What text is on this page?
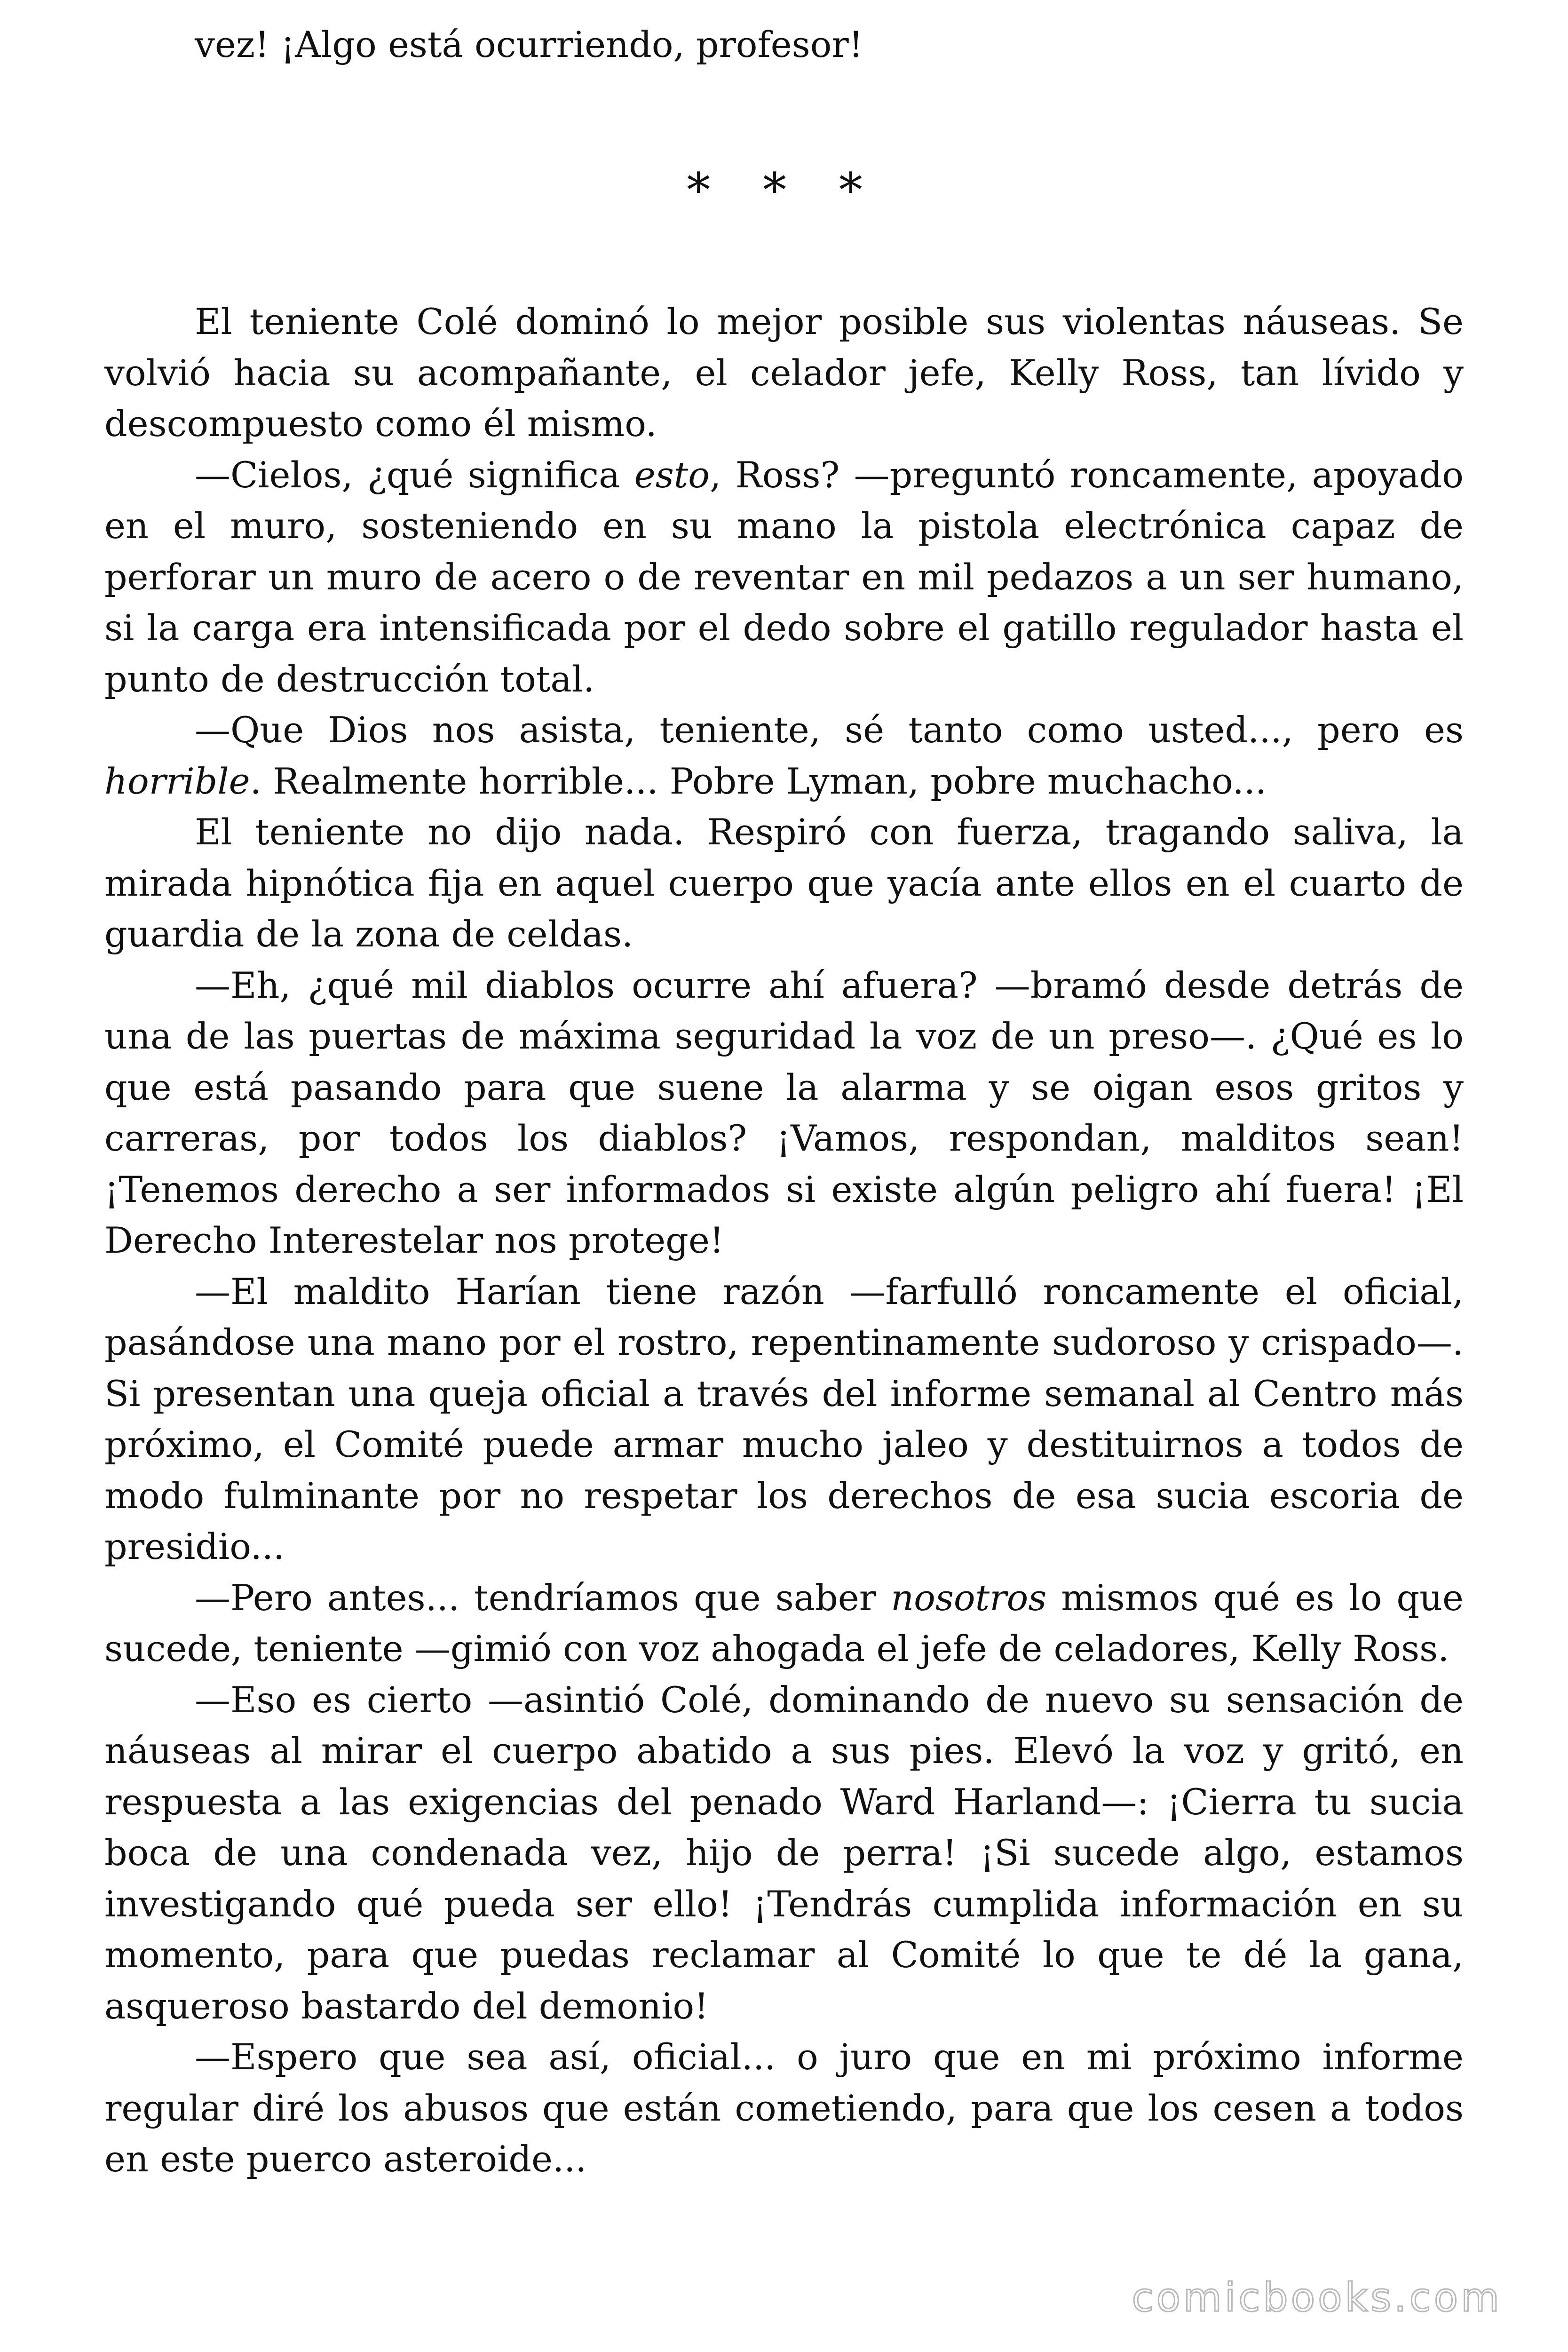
vez! ¡Algo está ocurriendo, profesor!

* * *

El teniente Colé dominó lo mejor posible sus violentas náuseas. Se volvió hacia su acompañante, el celador jefe, Kelly Ross, tan lívido y descompuesto como él mismo.

—Cielos, ¿qué significa esto, Ross? —preguntó roncamente, apoyado en el muro, sosteniendo en su mano la pistola electrónica capaz de perforar un muro de acero o de reventar en mil pedazos a un ser humano, si la carga era intensificada por el dedo sobre el gatillo regulador hasta el punto de destrucción total.

—Que Dios nos asista, teniente, sé tanto como usted..., pero es horrible. Realmente horrible... Pobre Lyman, pobre muchacho...

El teniente no dijo nada. Respiró con fuerza, tragando saliva, la mirada hipnótica fija en aquel cuerpo que yacía ante ellos en el cuarto de guardia de la zona de celdas.

—Eh, ¿qué mil diablos ocurre ahí afuera? —bramó desde detrás de una de las puertas de máxima seguridad la voz de un preso—. ¿Qué es lo que está pasando para que suene la alarma y se oigan esos gritos y carreras, por todos los diablos? ¡Vamos, respondan, malditos sean! ¡Tenemos derecho a ser informados si existe algún peligro ahí fuera! ¡El Derecho Interestelar nos protege!

—El maldito Harían tiene razón —farfulló roncamente el oficial, pasándose una mano por el rostro, repentinamente sudoroso y crispado—. Si presentan una queja oficial a través del informe semanal al Centro más próximo, el Comité puede armar mucho jaleo y destituirnos a todos de modo fulminante por no respetar los derechos de esa sucia escoria de presidio...

—Pero antes... tendríamos que saber nosotros mismos qué es lo que sucede, teniente —gimió con voz ahogada el jefe de celadores, Kelly Ross.

—Eso es cierto —asintió Colé, dominando de nuevo su sensación de náuseas al mirar el cuerpo abatido a sus pies. Elevó la voz y gritó, en respuesta a las exigencias del penado Ward Harland—: ¡Cierra tu sucia boca de una condenada vez, hijo de perra! ¡Si sucede algo, estamos investigando qué pueda ser ello! ¡Tendrás cumplida información en su momento, para que puedas reclamar al Comité lo que te dé la gana, asqueroso bastardo del demonio!

—Espero que sea así, oficial... o juro que en mi próximo informe regular diré los abusos que están cometiendo, para que los cesen a todos en este puerco asteroide...

comicbooks.com
